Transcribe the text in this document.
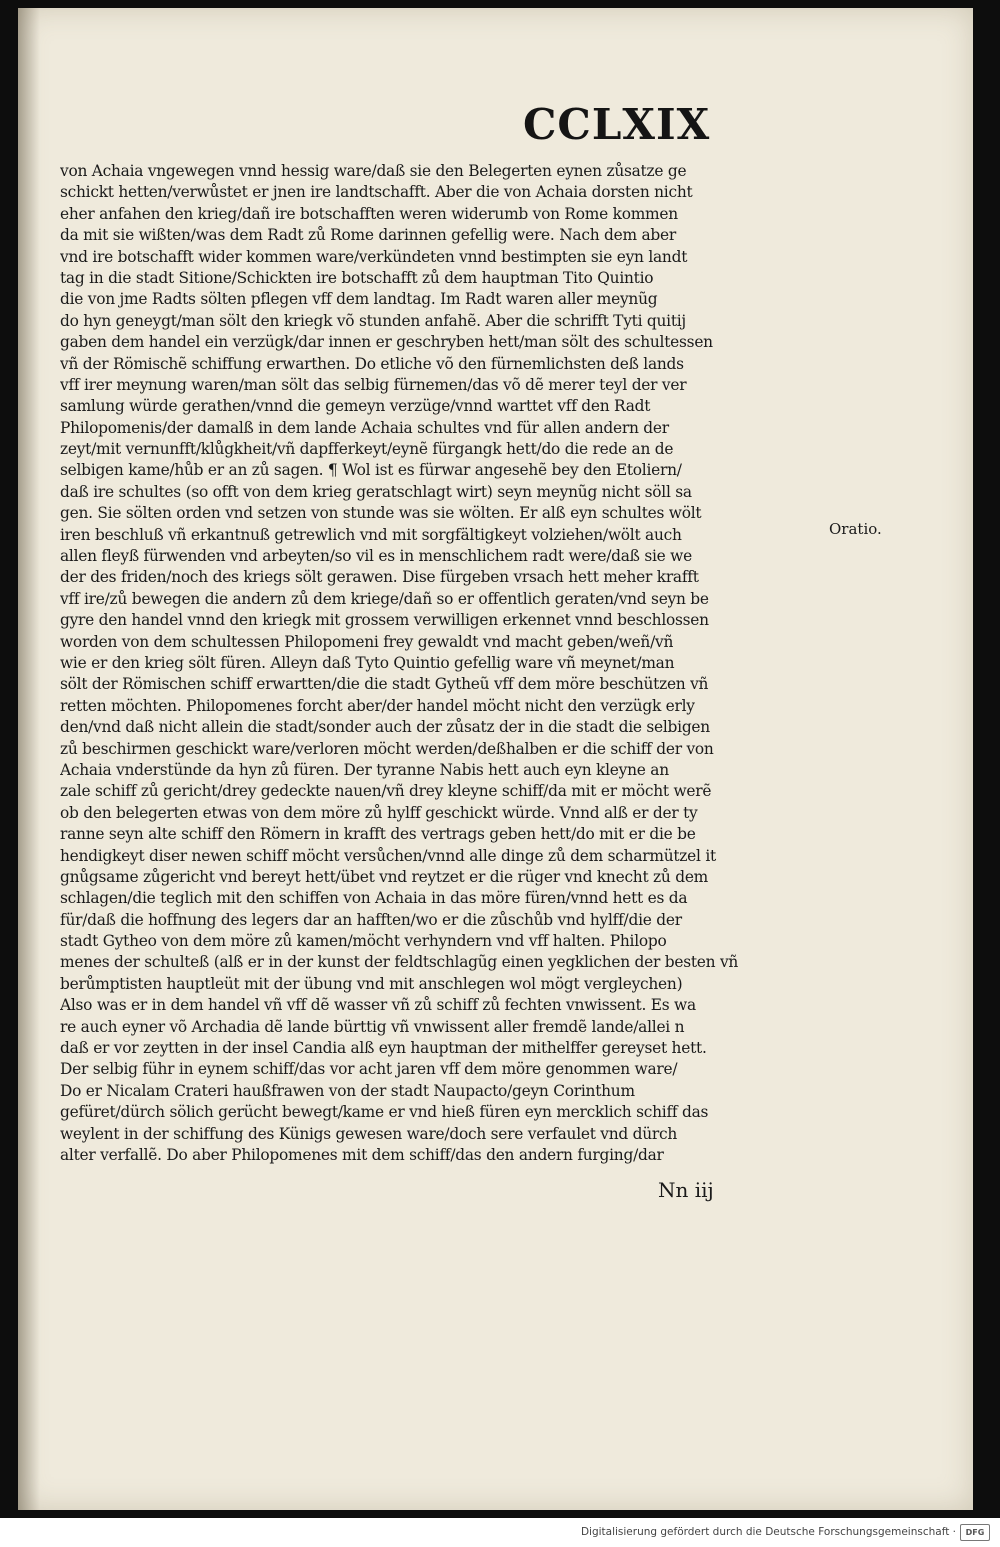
CCLXIX
von Achaia vngewegen vnnd hessig ware/daß sie den Belegerten eynen zůsatze ge
schickt hetten/verwůstet er jnen ire landtschafft. Aber die von Achaia dorsten nicht
eher anfahen den krieg/dañ ire botschafften weren widerumb von Rome kommen
da mit sie wißten/was dem Radt zů Rome darinnen gefellig were. Nach dem aber
vnd ire botschafft wider kommen ware/verkündeten vnnd bestimpten sie eyn landt
tag in die stadt Sitione/Schickten ire botschafft zů dem hauptman Tito Quintio
die von jme Radts sölten pflegen vff dem landtag. Im Radt waren aller meynũg
do hyn geneygt/man sölt den kriegk võ stunden anfahẽ. Aber die schrifft Tyti quitij
gaben dem handel ein verzügk/dar innen er geschryben hett/man sölt des schultessen
vñ der Römischẽ schiffung erwarthen. Do etliche võ den fürnemlichsten deß lands
vff irer meynung waren/man sölt das selbig fürnemen/das võ dẽ merer teyl der ver
samlung würde gerathen/vnnd die gemeyn verzüge/vnnd warttet vff den Radt
Philopomenis/der damalß in dem lande Achaia schultes vnd für allen andern der
zeyt/mit vernunfft/klůgkheit/vñ dapfferkeyt/eynẽ fürgangk hett/do die rede an de
selbigen kame/hůb er an zů sagen. ¶ Wol ist es fürwar angesehẽ bey den Etoliern/
daß ire schultes (so offt von dem krieg geratschlagt wirt) seyn meynũg nicht söll sa
gen. Sie sölten orden vnd setzen von stunde was sie wölten. Er alß eyn schultes wölt
iren beschluß vñ erkantnuß getrewlich vnd mit sorgfältigkeyt volziehen/wölt auch
allen fleyß fürwenden vnd arbeyten/so vil es in menschlichem radt were/daß sie we
der des friden/noch des kriegs sölt gerawen. Dise fürgeben vrsach hett meher krafft
vff ire/zů bewegen die andern zů dem kriege/dañ so er offentlich geraten/vnd seyn be
gyre den handel vnnd den kriegk mit grossem verwilligen erkennet vnnd beschlossen
worden von dem schultessen Philopomeni frey gewaldt vnd macht geben/weñ/vñ
wie er den krieg sölt füren. Alleyn daß Tyto Quintio gefellig ware vñ meynet/man
sölt der Römischen schiff erwartten/die die stadt Gytheũ vff dem möre beschützen vñ
retten möchten. Philopomenes forcht aber/der handel möcht nicht den verzügk erly
den/vnd daß nicht allein die stadt/sonder auch der zůsatz der in die stadt die selbigen
zů beschirmen geschickt ware/verloren möcht werden/deßhalben er die schiff der von
Achaia vnderstünde da hyn zů füren. Der tyranne Nabis hett auch eyn kleyne an
zale schiff zů gericht/drey gedeckte nauen/vñ drey kleyne schiff/da mit er möcht werẽ
ob den belegerten etwas von dem möre zů hylff geschickt würde. Vnnd alß er der ty
ranne seyn alte schiff den Römern in krafft des vertrags geben hett/do mit er die be
hendigkeyt diser newen schiff möcht versůchen/vnnd alle dinge zů dem scharmützel it
gnůgsame zůgericht vnd bereyt hett/übet vnd reytzet er die rüger vnd knecht zů dem
schlagen/die teglich mit den schiffen von Achaia in das möre füren/vnnd hett es da
für/daß die hoffnung des legers dar an hafften/wo er die zůschůb vnd hylff/die der
stadt Gytheo von dem möre zů kamen/möcht verhyndern vnd vff halten. Philopo
menes der schulteß (alß er in der kunst der feldtschlagũg einen yegklichen der besten vñ
berůmptisten hauptleüt mit der übung vnd mit anschlegen wol mögt vergleychen)
Also was er in dem handel vñ vff dẽ wasser vñ zů schiff zů fechten vnwissent. Es wa
re auch eyner võ Archadia dẽ lande bürttig vñ vnwissent aller fremdẽ lande/allei n
daß er vor zeytten in der insel Candia alß eyn hauptman der mithelffer gereyset hett.
Der selbig führ in eynem schiff/das vor acht jaren vff dem möre genommen ware/
Do er Nicalam Crateri haußfrawen von der stadt Naupacto/geyn Corinthum
gefüret/dürch sölich gerücht bewegt/kame er vnd hieß füren eyn mercklich schiff das
weylent in der schiffung des Künigs gewesen ware/doch sere verfaulet vnd dürch
alter verfallẽ. Do aber Philopomenes mit dem schiff/das den andern furging/dar
Oratio.
Nn iij
Digitalisierung gefördert durch die Deutsche Forschungsgemeinschaft ·	DFG
